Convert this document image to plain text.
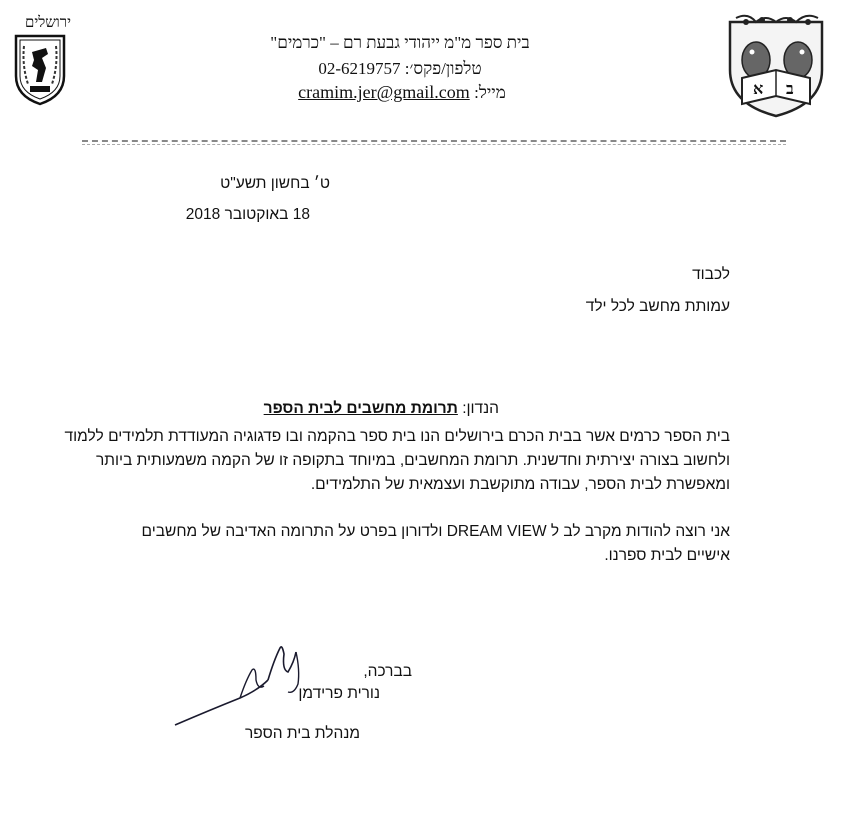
ירושלים
בית ספר מ"מ ייהודי גבעת רם – "כרמים"
טלפון/פקס׳: 02-6219757
מייל: cramim.jer@gmail.com	א ב
ט׳ בחשון תשע"ט
18 באוקטובר 2018
לכבוד
עמותת מחשב לכל ילד
הנדון: תרומת מחשבים לבית הספר
בית הספר כרמים אשר בבית הכרם בירושלים הנו בית ספר בהקמה ובו פדגוגיה המעודדת תלמידים ללמוד ולחשוב בצורה יצירתית וחדשנית. תרומת המחשבים, במיוחד בתקופה זו של הקמה משמעותית ביותר ומאפשרת לבית הספר, עבודה מתוקשבת ועצמאית של התלמידים.
אני רוצה להודות מקרב לב ל DREAM VIEW ולדורון בפרט על התרומה האדיבה של מחשבים אישיים לבית ספרנו.
בברכה,
נורית פרידמן
מנהלת בית הספר
